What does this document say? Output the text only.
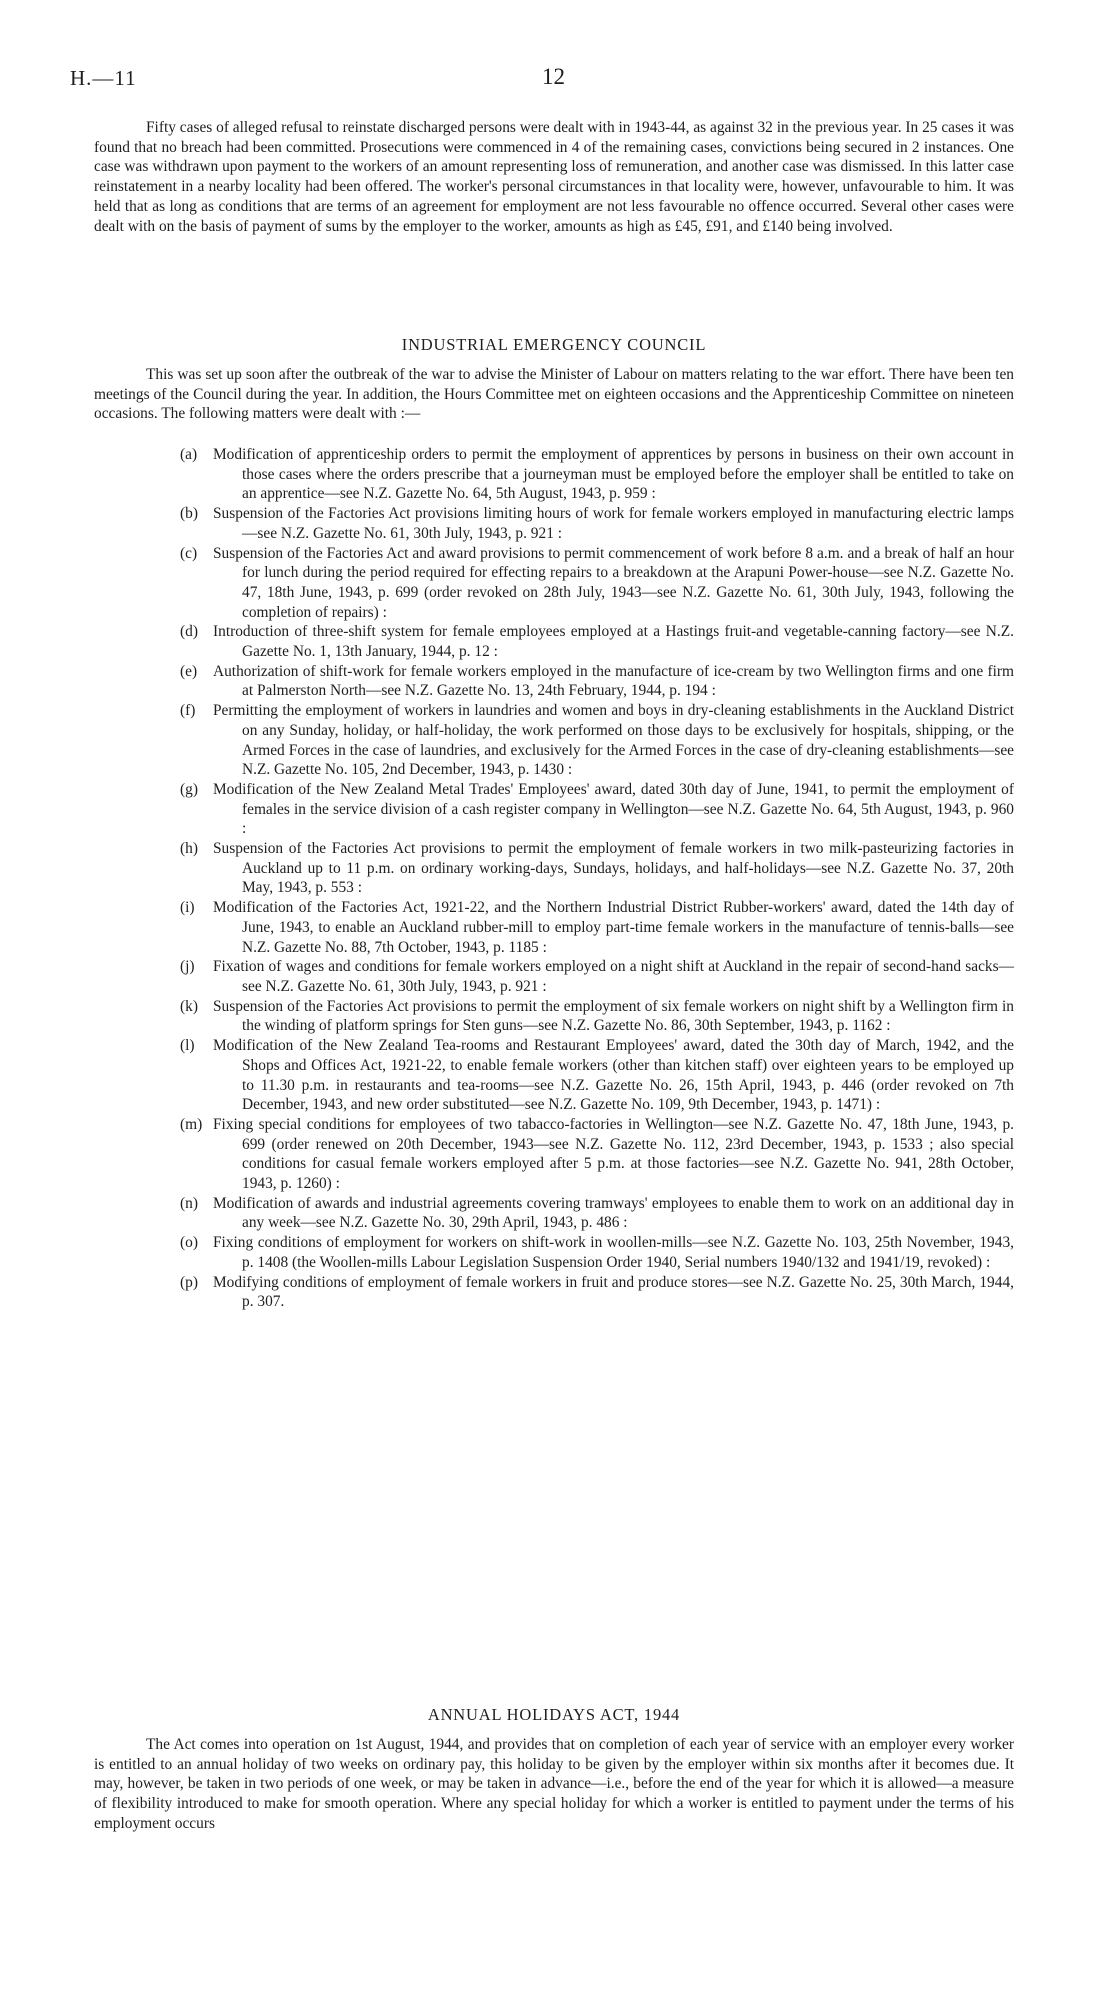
H.—11	12
Fifty cases of alleged refusal to reinstate discharged persons were dealt with in 1943-44, as against 32 in the previous year. In 25 cases it was found that no breach had been committed. Prosecutions were commenced in 4 of the remaining cases, convictions being secured in 2 instances. One case was withdrawn upon payment to the workers of an amount representing loss of remuneration, and another case was dismissed. In this latter case reinstatement in a nearby locality had been offered. The worker's personal circumstances in that locality were, however, unfavourable to him. It was held that as long as conditions that are terms of an agreement for employment are not less favourable no offence occurred. Several other cases were dealt with on the basis of payment of sums by the employer to the worker, amounts as high as £45, £91, and £140 being involved.
INDUSTRIAL EMERGENCY COUNCIL
This was set up soon after the outbreak of the war to advise the Minister of Labour on matters relating to the war effort. There have been ten meetings of the Council during the year. In addition, the Hours Committee met on eighteen occasions and the Apprenticeship Committee on nineteen occasions. The following matters were dealt with :—
(a) Modification of apprenticeship orders to permit the employment of apprentices by persons in business on their own account in those cases where the orders prescribe that a journeyman must be employed before the employer shall be entitled to take on an apprentice—see N.Z. Gazette No. 64, 5th August, 1943, p. 959 :
(b) Suspension of the Factories Act provisions limiting hours of work for female workers employed in manufacturing electric lamps—see N.Z. Gazette No. 61, 30th July, 1943, p. 921 :
(c) Suspension of the Factories Act and award provisions to permit commencement of work before 8 a.m. and a break of half an hour for lunch during the period required for effecting repairs to a breakdown at the Arapuni Power-house—see N.Z. Gazette No. 47, 18th June, 1943, p. 699 (order revoked on 28th July, 1943—see N.Z. Gazette No. 61, 30th July, 1943, following the completion of repairs) :
(d) Introduction of three-shift system for female employees employed at a Hastings fruit-and vegetable-canning factory—see N.Z. Gazette No. 1, 13th January, 1944, p. 12 :
(e) Authorization of shift-work for female workers employed in the manufacture of ice-cream by two Wellington firms and one firm at Palmerston North—see N.Z. Gazette No. 13, 24th February, 1944, p. 194 :
(f) Permitting the employment of workers in laundries and women and boys in dry-cleaning establishments in the Auckland District on any Sunday, holiday, or half-holiday, the work performed on those days to be exclusively for hospitals, shipping, or the Armed Forces in the case of laundries, and exclusively for the Armed Forces in the case of dry-cleaning establishments—see N.Z. Gazette No. 105, 2nd December, 1943, p. 1430 :
(g) Modification of the New Zealand Metal Trades' Employees' award, dated 30th day of June, 1941, to permit the employment of females in the service division of a cash register company in Wellington—see N.Z. Gazette No. 64, 5th August, 1943, p. 960 :
(h) Suspension of the Factories Act provisions to permit the employment of female workers in two milk-pasteurizing factories in Auckland up to 11 p.m. on ordinary working-days, Sundays, holidays, and half-holidays—see N.Z. Gazette No. 37, 20th May, 1943, p. 553 :
(i) Modification of the Factories Act, 1921-22, and the Northern Industrial District Rubber-workers' award, dated the 14th day of June, 1943, to enable an Auckland rubber-mill to employ part-time female workers in the manufacture of tennis-balls—see N.Z. Gazette No. 88, 7th October, 1943, p. 1185 :
(j) Fixation of wages and conditions for female workers employed on a night shift at Auckland in the repair of second-hand sacks—see N.Z. Gazette No. 61, 30th July, 1943, p. 921 :
(k) Suspension of the Factories Act provisions to permit the employment of six female workers on night shift by a Wellington firm in the winding of platform springs for Sten guns—see N.Z. Gazette No. 86, 30th September, 1943, p. 1162 :
(l) Modification of the New Zealand Tea-rooms and Restaurant Employees' award, dated the 30th day of March, 1942, and the Shops and Offices Act, 1921-22, to enable female workers (other than kitchen staff) over eighteen years to be employed up to 11.30 p.m. in restaurants and tea-rooms—see N.Z. Gazette No. 26, 15th April, 1943, p. 446 (order revoked on 7th December, 1943, and new order substituted—see N.Z. Gazette No. 109, 9th December, 1943, p. 1471) :
(m) Fixing special conditions for employees of two tabacco-factories in Wellington—see N.Z. Gazette No. 47, 18th June, 1943, p. 699 (order renewed on 20th December, 1943—see N.Z. Gazette No. 112, 23rd December, 1943, p. 1533 ; also special conditions for casual female workers employed after 5 p.m. at those factories—see N.Z. Gazette No. 941, 28th October, 1943, p. 1260) :
(n) Modification of awards and industrial agreements covering tramways' employees to enable them to work on an additional day in any week—see N.Z. Gazette No. 30, 29th April, 1943, p. 486 :
(o) Fixing conditions of employment for workers on shift-work in woollen-mills—see N.Z. Gazette No. 103, 25th November, 1943, p. 1408 (the Woollen-mills Labour Legislation Suspension Order 1940, Serial numbers 1940/132 and 1941/19, revoked) :
(p) Modifying conditions of employment of female workers in fruit and produce stores—see N.Z. Gazette No. 25, 30th March, 1944, p. 307.
ANNUAL HOLIDAYS ACT, 1944
The Act comes into operation on 1st August, 1944, and provides that on completion of each year of service with an employer every worker is entitled to an annual holiday of two weeks on ordinary pay, this holiday to be given by the employer within six months after it becomes due. It may, however, be taken in two periods of one week, or may be taken in advance—i.e., before the end of the year for which it is allowed—a measure of flexibility introduced to make for smooth operation. Where any special holiday for which a worker is entitled to payment under the terms of his employment occurs
